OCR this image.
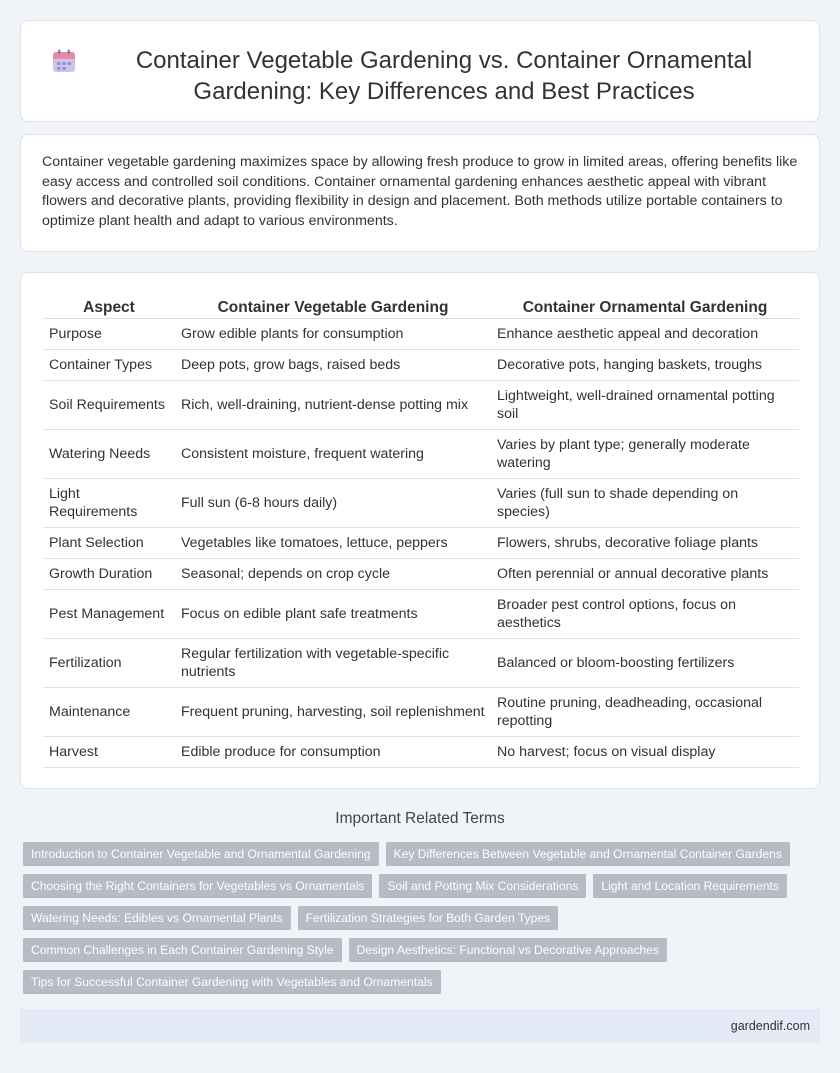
Container Vegetable Gardening vs. Container Ornamental Gardening: Key Differences and Best Practices

Container vegetable gardening maximizes space by allowing fresh produce to grow in limited areas, offering benefits like easy access and controlled soil conditions. Container ornamental gardening enhances aesthetic appeal with vibrant flowers and decorative plants, providing flexibility in design and placement. Both methods utilize portable containers to optimize plant health and adapt to various environments.

Aspect	Container Vegetable Gardening	Container Ornamental Gardening
Purpose	Grow edible plants for consumption	Enhance aesthetic appeal and decoration
Container Types	Deep pots, grow bags, raised beds	Decorative pots, hanging baskets, troughs
Soil Requirements	Rich, well-draining, nutrient-dense potting mix	Lightweight, well-drained ornamental potting soil
Watering Needs	Consistent moisture, frequent watering	Varies by plant type; generally moderate watering
Light Requirements	Full sun (6-8 hours daily)	Varies (full sun to shade depending on species)
Plant Selection	Vegetables like tomatoes, lettuce, peppers	Flowers, shrubs, decorative foliage plants
Growth Duration	Seasonal; depends on crop cycle	Often perennial or annual decorative plants
Pest Management	Focus on edible plant safe treatments	Broader pest control options, focus on aesthetics
Fertilization	Regular fertilization with vegetable-specific nutrients	Balanced or bloom-boosting fertilizers
Maintenance	Frequent pruning, harvesting, soil replenishment	Routine pruning, deadheading, occasional repotting
Harvest	Edible produce for consumption	No harvest; focus on visual display
Important Related Terms
Introduction to Container Vegetable and Ornamental Gardening	Key Differences Between Vegetable and Ornamental Container Gardens
Choosing the Right Containers for Vegetables vs Ornamentals	Soil and Potting Mix Considerations	Light and Location Requirements
Watering Needs: Edibles vs Ornamental Plants	Fertilization Strategies for Both Garden Types
Common Challenges in Each Container Gardening Style	Design Aesthetics: Functional vs Decorative Approaches
Tips for Successful Container Gardening with Vegetables and Ornamentals
gardendif.com
